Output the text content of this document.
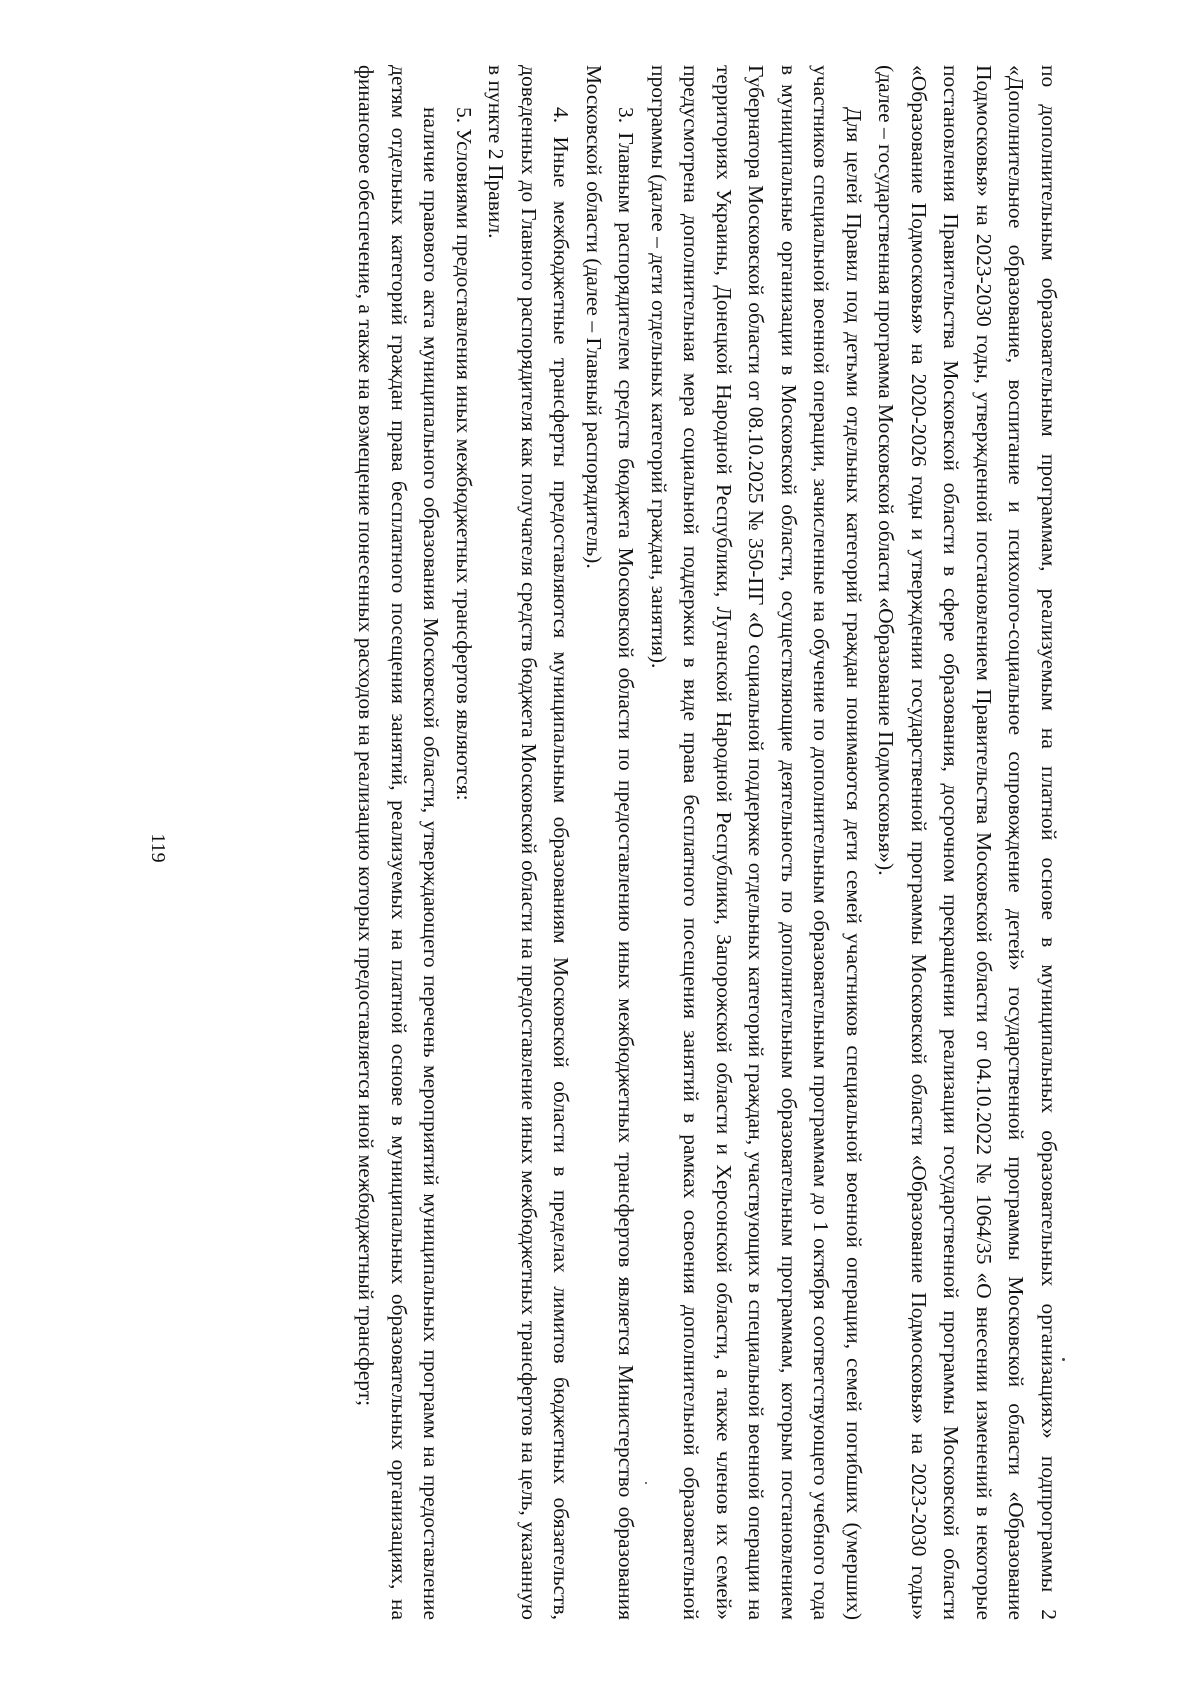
119	по дополнительным образовательным программам, реализуемым на платной основе в муниципальных образовательных организациях» подпрограммы 2 «Дополнительное образование, воспитание и психолого-социальное сопровождение детей» государственной программы Московской области «Образование Подмосковья» на 2023-2030 годы, утвержденной постановлением Правительства Московской области от 04.10.2022 № 1064/35 «О внесении изменений в некоторые постановления Правительства Московской области в сфере образования, досрочном прекращении реализации государственной программы Московской области «Образование Подмосковья» на 2020-2026 годы и утверждении государственной программы Московской области «Образование Подмосковья» на 2023-2030 годы» (далее – государственная программа Московской области «Образование Подмосковья»).

Для целей Правил под детьми отдельных категорий граждан понимаются дети семей участников специальной военной операции, семей погибших (умерших) участников специальной военной операции, зачисленные на обучение по дополнительным образовательным программам до 1 октября соответствующего учебного года в муниципальные организации в Московской области, осуществляющие деятельность по дополнительным образовательным программам, которым постановлением Губернатора Московской области от 08.10.2025 № 350-ПГ «О социальной поддержке отдельных категорий граждан, участвующих в специальной военной операции на территориях Украины, Донецкой Народной Республики, Луганской Народной Республики, Запорожской области и Херсонской области, а также членов их семей» предусмотрена дополнительная мера социальной поддержки в виде права бесплатного посещения занятий в рамках освоения дополнительной образовательной программы (далее – дети отдельных категорий граждан, занятия).

3. Главным распорядителем средств бюджета Московской области по предоставлению иных межбюджетных трансфертов является Министерство образования Московской области (далее – Главный распорядитель).

4. Иные межбюджетные трансферты предоставляются муниципальным образованиям Московской области в пределах лимитов бюджетных обязательств, доведенных до Главного распорядителя как получателя средств бюджета Московской области на предоставление иных межбюджетных трансфертов на цель, указанную в пункте 2 Правил.

5. Условиями предоставления иных межбюджетных трансфертов являются:

наличие правового акта муниципального образования Московской области, утверждающего перечень мероприятий муниципальных программ на предоставление детям отдельных категорий граждан права бесплатного посещения занятий, реализуемых на платной основе в муниципальных образовательных организациях, на финансовое обеспечение, а также на возмещение понесенных расходов на реализацию которых предоставляется иной межбюджетный трансферт;
